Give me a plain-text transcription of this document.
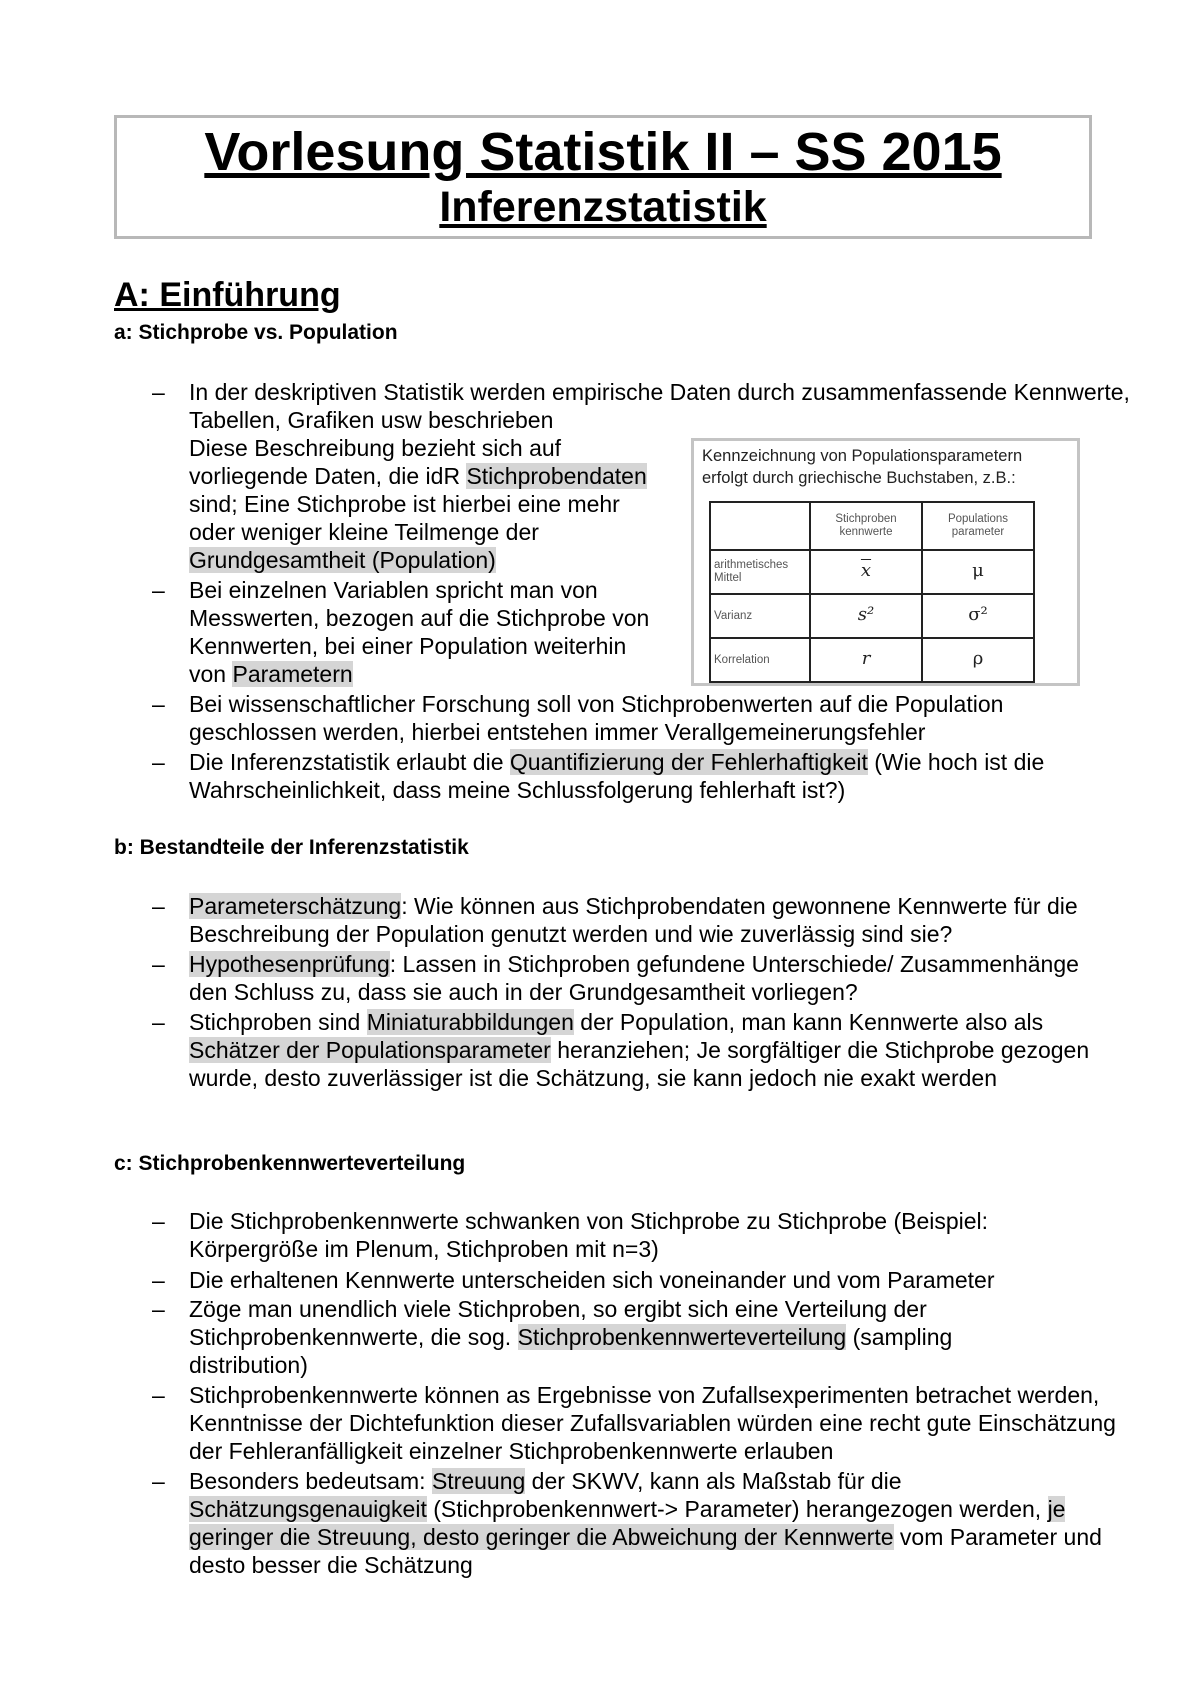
Vorlesung Statistik II – SS 2015
Inferenzstatistik
A: Einführung
a: Stichprobe vs. Population
– In der deskriptiven Statistik werden empirische Daten durch zusammenfassende Kennwerte, Tabellen, Grafiken usw beschrieben
Diese Beschreibung bezieht sich auf
vorliegende Daten, die idR Stichprobendaten
sind; Eine Stichprobe ist hierbei eine mehr
oder weniger kleine Teilmenge der
Grundgesamtheit (Population)
– Bei einzelnen Variablen spricht man von
Messwerten, bezogen auf die Stichprobe von
Kennwerten, bei einer Population weiterhin
von Parametern
– Bei wissenschaftlicher Forschung soll von Stichprobenwerten auf die Population geschlossen werden, hierbei entstehen immer Verallgemeinerungsfehler
– Die Inferenzstatistik erlaubt die Quantifizierung der Fehlerhaftigkeit (Wie hoch ist die Wahrscheinlichkeit, dass meine Schlussfolgerung fehlerhaft ist?)
Kennzeichnung von Populationsparametern
erfolgt durch griechische Buchstaben, z.B.:
	Stichproben kennwerte	Populations parameter
arithmetisches Mittel	$\overline{x}$	μ
Varianz	s²	σ²
Korrelation	r	ρ
b: Bestandteile der Inferenzstatistik
– Parameterschätzung: Wie können aus Stichprobendaten gewonnene Kennwerte für die Beschreibung der Population genutzt werden und wie zuverlässig sind sie?
– Hypothesenprüfung: Lassen in Stichproben gefundene Unterschiede/ Zusammenhänge den Schluss zu, dass sie auch in der Grundgesamtheit vorliegen?
– Stichproben sind Miniaturabbildungen der Population, man kann Kennwerte also als Schätzer der Populationsparameter heranziehen; Je sorgfältiger die Stichprobe gezogen wurde, desto zuverlässiger ist die Schätzung, sie kann jedoch nie exakt werden
c: Stichprobenkennwerteverteilung
– Die Stichprobenkennwerte schwanken von Stichprobe zu Stichprobe (Beispiel: Körpergröße im Plenum, Stichproben mit n=3)
– Die erhaltenen Kennwerte unterscheiden sich voneinander und vom Parameter
– Zöge man unendlich viele Stichproben, so ergibt sich eine Verteilung der Stichprobenkennwerte, die sog. Stichprobenkennwerteverteilung (sampling distribution)
– Stichprobenkennwerte können as Ergebnisse von Zufallsexperimenten betrachet werden, Kenntnisse der Dichtefunktion dieser Zufallsvariablen würden eine recht gute Einschätzung der Fehleranfälligkeit einzelner Stichprobenkennwerte erlauben
– Besonders bedeutsam: Streuung der SKWV, kann als Maßstab für die Schätzungsgenauigkeit (Stichprobenkennwert-> Parameter) herangezogen werden, je geringer die Streuung, desto geringer die Abweichung der Kennwerte vom Parameter und desto besser die Schätzung
